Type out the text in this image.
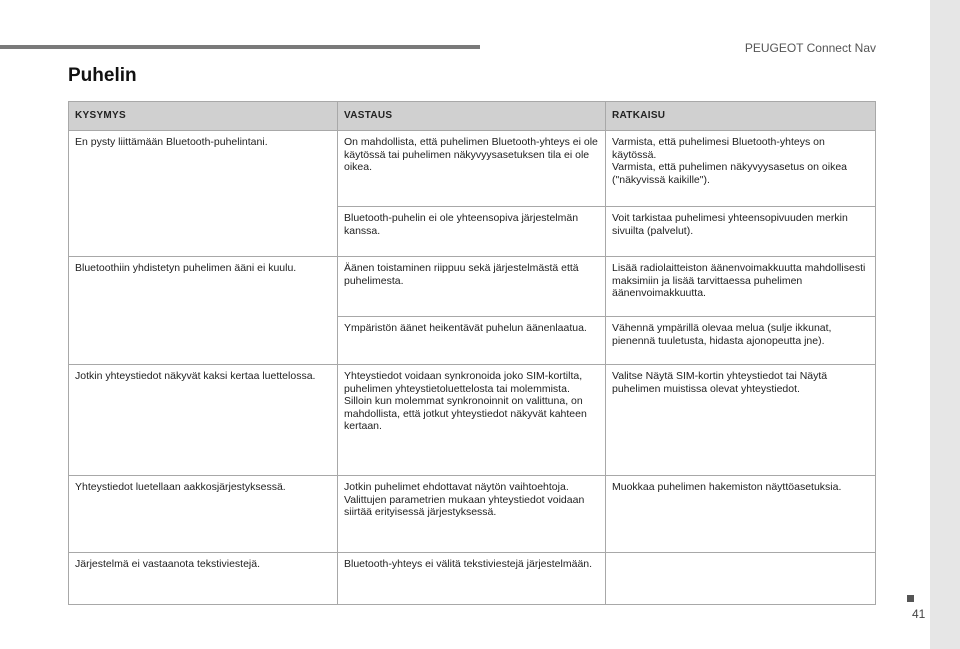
PEUGEOT Connect Nav
Puhelin
KYSYMYS	VASTAUS	RATKAISU
En pysty liittämään Bluetooth-puhelintani.	On mahdollista, että puhelimen Bluetooth-yhteys ei ole käytössä tai puhelimen näkyvyysasetuksen tila ei ole oikea.	Varmista, että puhelimesi Bluetooth-yhteys on käytössä.
Varmista, että puhelimen näkyvyysasetus on oikea ("näkyvissä kaikille").
	Bluetooth-puhelin ei ole yhteensopiva järjestelmän kanssa.	Voit tarkistaa puhelimesi yhteensopivuuden merkin sivuilta (palvelut).
Bluetoothiin yhdistetyn puhelimen ääni ei kuulu.	Äänen toistaminen riippuu sekä järjestelmästä että puhelimesta.	Lisää radiolaitteiston äänenvoimakkuutta mahdollisesti maksimiin ja lisää tarvittaessa puhelimen äänenvoimakkuutta.
	Ympäristön äänet heikentävät puhelun äänenlaatua.	Vähennä ympärillä olevaa melua (sulje ikkunat, pienennä tuuletusta, hidasta ajonopeutta jne).
Jotkin yhteystiedot näkyvät kaksi kertaa luettelossa.	Yhteystiedot voidaan synkronoida joko SIM-kortilta, puhelimen yhteystietoluettelosta tai molemmista. Silloin kun molemmat synkronoinnit on valittuna, on mahdollista, että jotkut yhteystiedot näkyvät kahteen kertaan.	Valitse Näytä SIM-kortin yhteystiedot tai Näytä puhelimen muistissa olevat yhteystiedot.
Yhteystiedot luetellaan aakkosjärjestyksessä.	Jotkin puhelimet ehdottavat näytön vaihtoehtoja. Valittujen parametrien mukaan yhteystiedot voidaan siirtää erityisessä järjestyksessä.	Muokkaa puhelimen hakemiston näyttöasetuksia.
Järjestelmä ei vastaanota tekstiviestejä.	Bluetooth-yhteys ei välitä tekstiviestejä järjestelmään.	
41
